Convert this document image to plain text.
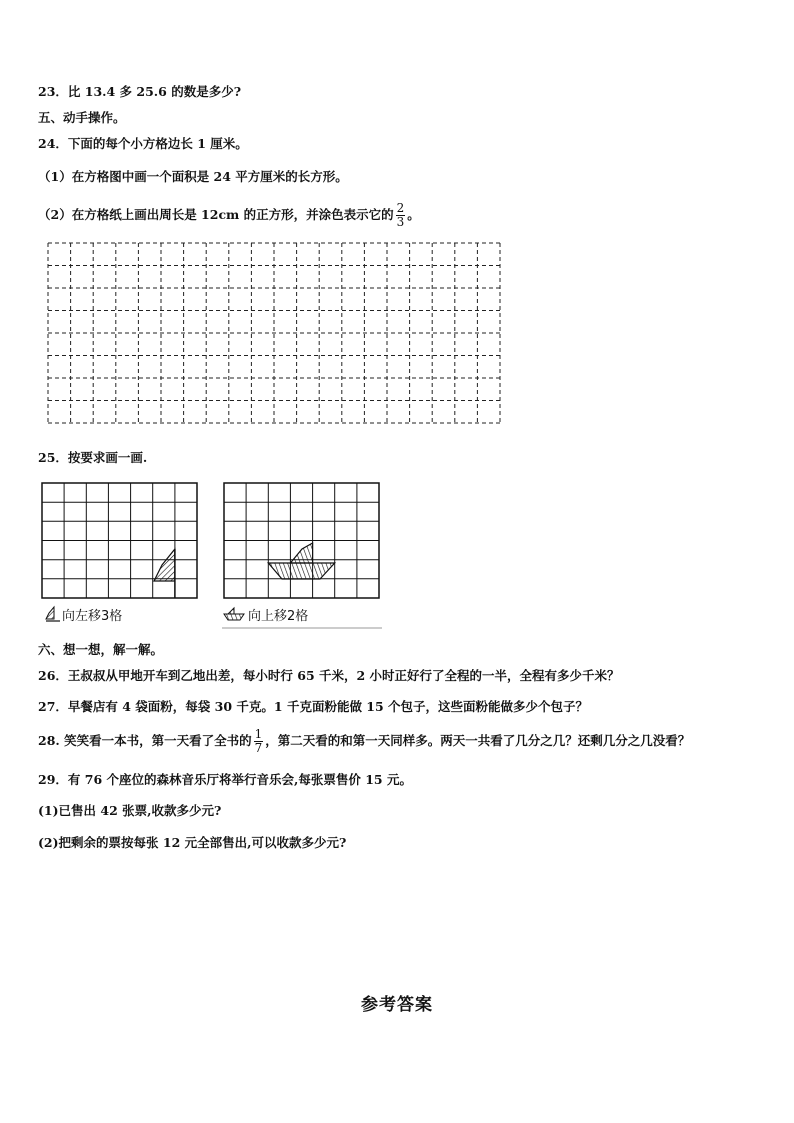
23．比 13.4 多 25.6 的数是多少?
五、动手操作。
24．下面的每个小方格边长 1 厘米。
（1）在方格图中画一个面积是 24 平方厘米的长方形。
（2）在方格纸上画出周长是 12cm 的正方形，并涂色表示它的 $\frac{2}{3}$ 。
25．按要求画一画.
向左移3格	向上移2格
六、想一想，解一解。
26．王叔叔从甲地开车到乙地出差，每小时行 65 千米，2 小时正好行了全程的一半，全程有多少千米？
27．早餐店有 4 袋面粉，每袋 30 千克。1 千克面粉能做 15 个包子，这些面粉能做多少个包子？
28. 笑笑看一本书，第一天看了全书的 $\frac{1}{7}$ ，第二天看的和第一天同样多。两天一共看了几分之几？还剩几分之几没看？
29．有 76 个座位的森林音乐厅将举行音乐会,每张票售价 15 元。
(1)已售出 42 张票,收款多少元?
(2)把剩余的票按每张 12 元全部售出,可以收款多少元?
参考答案
